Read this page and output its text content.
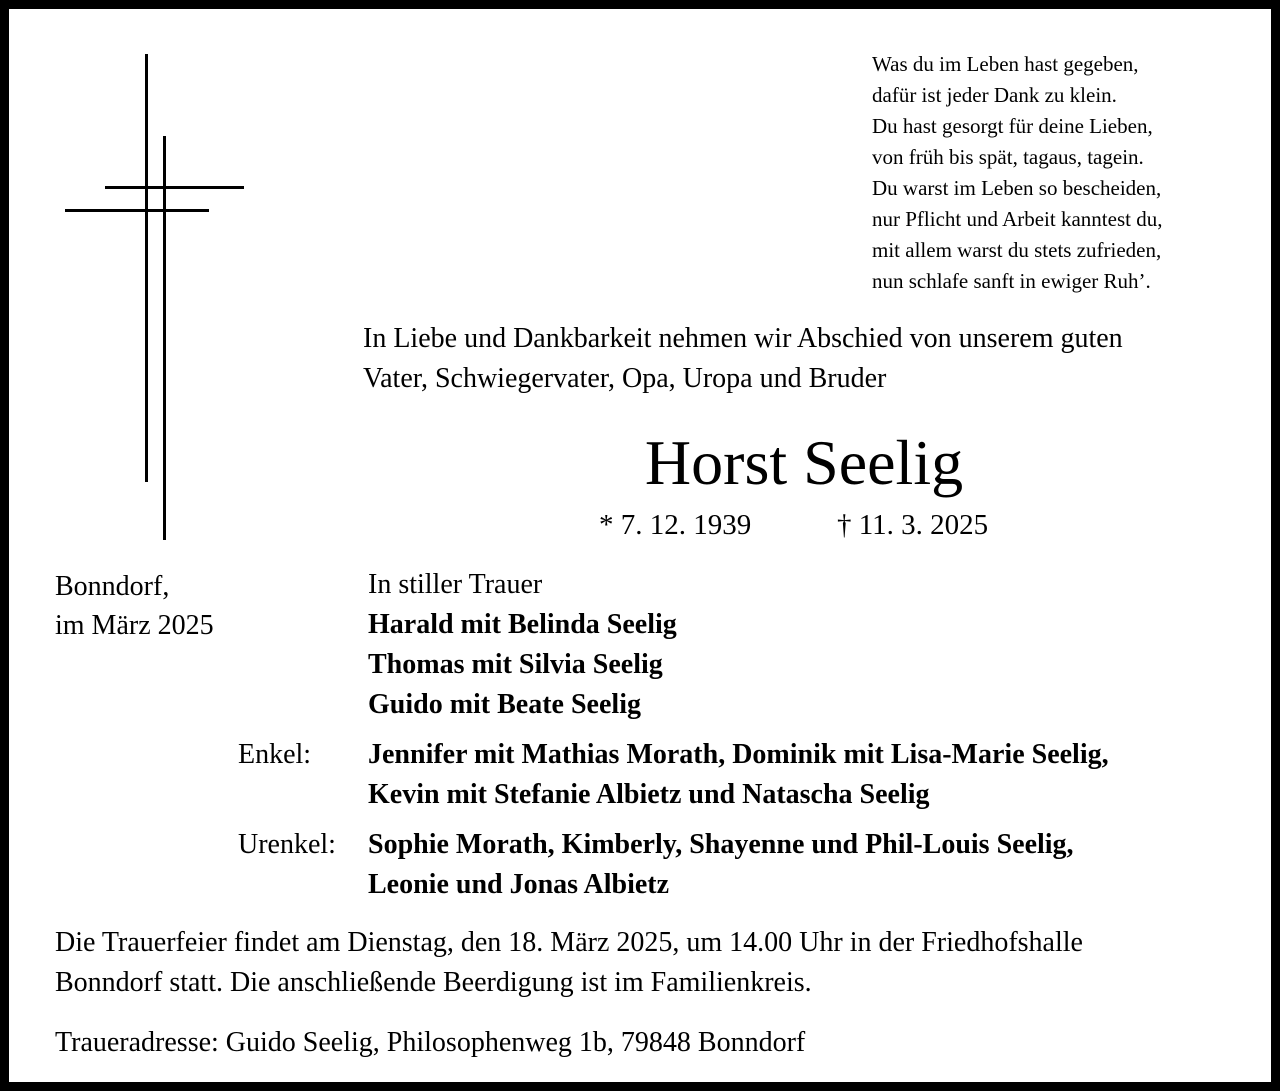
Was du im Leben hast gegeben,
dafür ist jeder Dank zu klein.
Du hast gesorgt für deine Lieben,
von früh bis spät, tagaus, tagein.
Du warst im Leben so bescheiden,
nur Pflicht und Arbeit kanntest du,
mit allem warst du stets zufrieden,
nun schlafe sanft in ewiger Ruh’.
In Liebe und Dankbarkeit nehmen wir Abschied von unserem guten
Vater, Schwiegervater, Opa, Uropa und Bruder
Horst Seelig
* 7. 12. 1939	† 11. 3. 2025
Bonndorf,
im März 2025
In stiller Trauer
Harald mit Belinda Seelig
Thomas mit Silvia Seelig
Guido mit Beate Seelig
Enkel: Jennifer mit Mathias Morath, Dominik mit Lisa-Marie Seelig,
Kevin mit Stefanie Albietz und Natascha Seelig
Urenkel: Sophie Morath, Kimberly, Shayenne und Phil-Louis Seelig,
Leonie und Jonas Albietz
Die Trauerfeier findet am Dienstag, den 18. März 2025, um 14.00 Uhr in der Friedhofshalle
Bonndorf statt. Die anschließende Beerdigung ist im Familienkreis.
Traueradresse: Guido Seelig, Philosophenweg 1b, 79848 Bonndorf
